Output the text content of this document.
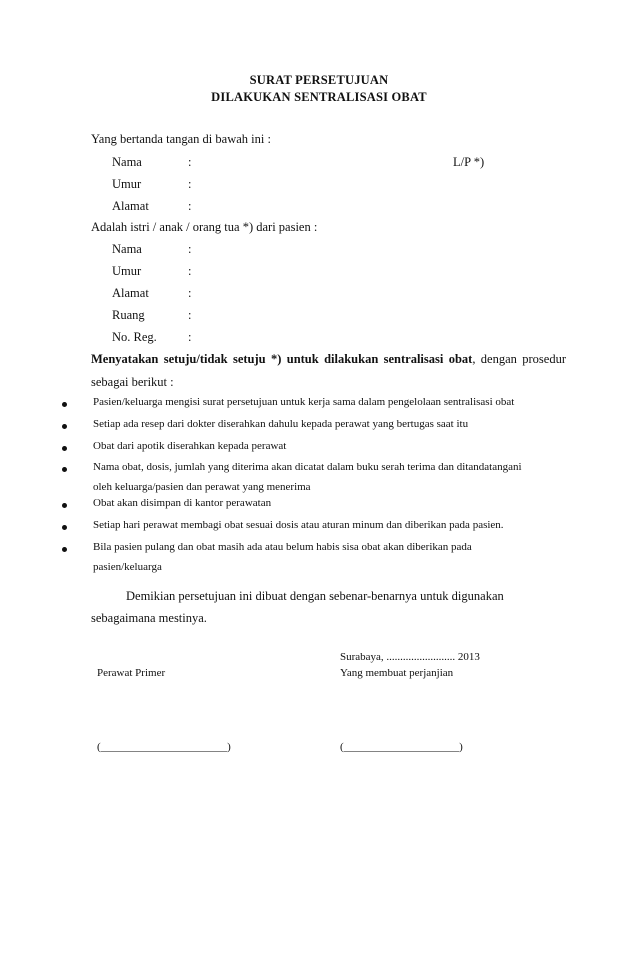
SURAT PERSETUJUAN
DILAKUKAN SENTRALISASI OBAT
Yang bertanda tangan di bawah ini :
Nama	:	L/P *)
Umur	:
Alamat	:
Adalah istri / anak / orang tua *) dari pasien :
Nama	:
Umur	:
Alamat	:
Ruang	:
No. Reg. :
Menyatakan setuju/tidak setuju *) untuk dilakukan sentralisasi obat, dengan prosedur
sebagai berikut :
Pasien/keluarga mengisi surat persetujuan untuk kerja sama dalam pengelolaan sentralisasi obat
Setiap ada resep dari dokter diserahkan dahulu kepada perawat yang bertugas saat itu
Obat dari apotik diserahkan kepada perawat
Nama obat, dosis, jumlah yang diterima akan dicatat dalam buku serah terima dan ditandatangani
oleh keluarga/pasien dan perawat yang menerima
Obat akan disimpan di kantor perawatan
Setiap hari perawat membagi obat sesuai dosis atau aturan minum dan diberikan pada pasien.
Bila pasien pulang dan obat masih ada atau belum habis sisa obat akan diberikan pada
pasien/keluarga
Demikian persetujuan ini dibuat dengan sebenar-benarnya untuk digunakan
sebagaimana mestinya.
Surabaya, ......................... 2013
Perawat Primer	Yang membuat perjanjian
(_______________________)	(_____________________)
